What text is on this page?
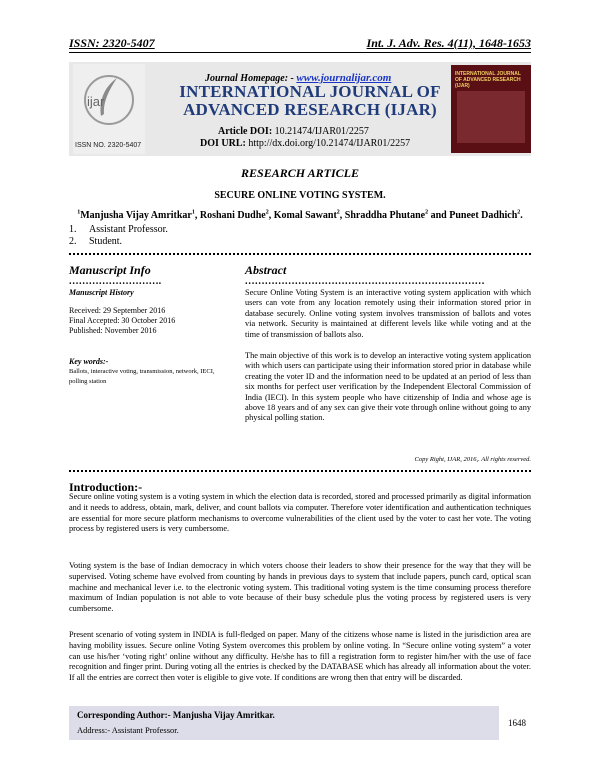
ISSN: 2320-5407	Int. J. Adv. Res. 4(11), 1648-1653
ijar
ISSN NO. 2320-5407
Journal Homepage: - www.journalijar.com
INTERNATIONAL JOURNAL OF
ADVANCED RESEARCH (IJAR)
Article DOI: 10.21474/IJAR01/2257
DOI URL: http://dx.doi.org/10.21474/IJAR01/2257
INTERNATIONAL JOURNAL OF ADVANCED RESEARCH (IJAR)
RESEARCH ARTICLE
SECURE ONLINE VOTING SYSTEM.
$^1$Manjusha Vijay Amritkar$^1$, Roshani Dudhe$^2$, Komal Sawant$^2$, Shraddha Phutane$^2$ and Puneet Dadhich$^2$.
1. Assistant Professor.
2. Student.
Manuscript Info
……………………….
Manuscript History
Received: 29 September 2016
Final Accepted: 30 October 2016
Published: November 2016
Key words:-
Ballots, interactive voting, transmission, network, IECI, polling station
Abstract
………………………………………………………………
Secure Online Voting System is an interactive voting system application with which users can vote from any location remotely using their information stored prior in database securely. Online voting system involves transmission of ballots and votes via network. Security is maintained at different levels like while voting and at the time of transmission of ballots also.
The main objective of this work is to develop an interactive voting system application with which users can participate using their information stored prior in database while creating the voter ID and the information need to be updated at an period of less than six months for perfect user verification by the Independent Electoral Commission of India (IECI). In this system people who have citizenship of India and whose age is above 18 years and of any sex can give their vote through online without going to any physical polling station.
Copy Right, IJAR, 2016,. All rights reserved.
Introduction:-
Secure online voting system is a voting system in which the election data is recorded, stored and processed primarily as digital information and it needs to address, obtain, mark, deliver, and count ballots via computer. Therefore voter identification and authentication techniques are essential for more secure platform mechanisms to overcome vulnerabilities of the client used by the voter to cast her vote. The voting process by registered users is very cumbersome.
Voting system is the base of Indian democracy in which voters choose their leaders to show their presence for the way that they will be supervised. Voting scheme have evolved from counting by hands in previous days to system that include papers, punch card, optical scan machine and mechanical lever i.e. to the electronic voting system. This traditional voting system is the time consuming process therefore maximum of Indian population is not able to vote because of their busy schedule plus the voting process by registered users is very cumbersome.
Present scenario of voting system in INDIA is full-fledged on paper. Many of the citizens whose name is listed in the jurisdiction area are having mobility issues. Secure online Voting System overcomes this problem by online voting. In “Secure online voting system” a voter can use his/her ‘voting right’ online without any difficulty. He/she has to fill a registration form to register him/her with the use of face recognition and finger print. During voting all the entries is checked by the DATABASE which has already all information about the voter. If all the entries are correct then voter is eligible to give vote. If conditions are wrong then that entry will be discarded.
Corresponding Author:- Manjusha Vijay Amritkar.
Address:- Assistant Professor.
1648
